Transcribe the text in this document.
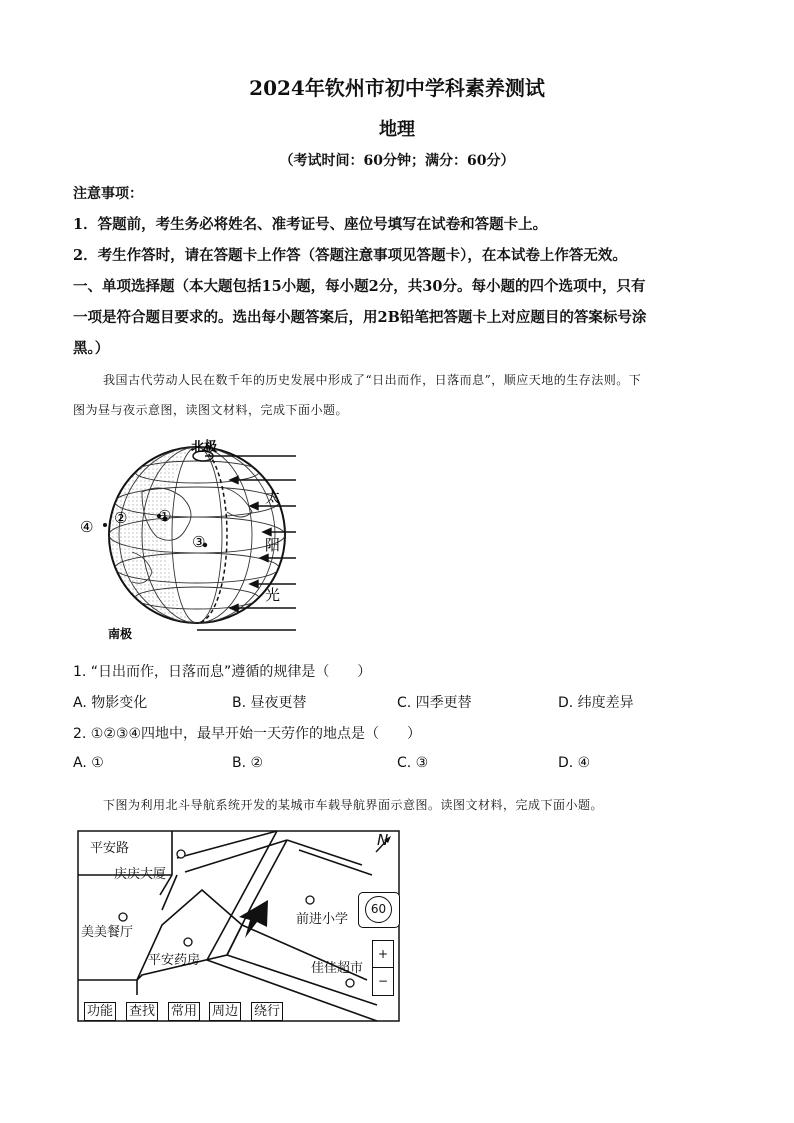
2024年钦州市初中学科素养测试
地理
（考试时间：60分钟；满分：60分）
注意事项：
1．答题前，考生务必将姓名、准考证号、座位号填写在试卷和答题卡上。
2．考生作答时，请在答题卡上作答（答题注意事项见答题卡），在本试卷上作答无效。
一、单项选择题（本大题包括15小题，每小题2分，共30分。每小题的四个选项中，只有
一项是符合题目要求的。选出每小题答案后，用2B铅笔把答题卡上对应题目的答案标号涂
黑。）
我国古代劳动人民在数千年的历史发展中形成了“日出而作，日落而息”，顺应天地的生存法则。下
图为昼与夜示意图，读图文材料，完成下面小题。
北极
南极
太
阳
光
①
②
③
④
1. “日出而作，日落而息”遵循的规律是（　　）
A. 物影变化	B. 昼夜更替	C. 四季更替	D. 纬度差异
2. ①②③④四地中，最早开始一天劳作的地点是（　　）
A. ①	B. ②	C. ③	D. ④
下图为利用北斗导航系统开发的某城市车载导航界面示意图。读图文材料，完成下面小题。
平安路
庆庆大厦
美美餐厅
平安药房
前进小学
佳佳超市
N
60
+
−
功能 查找 常用 周边 绕行
